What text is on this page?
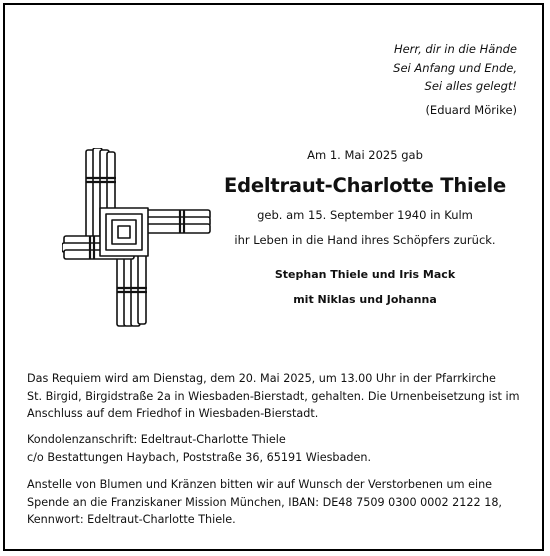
Herr, dir in die Hände
Sei Anfang und Ende,
Sei alles gelegt!
(Eduard Mörike)
Am 1. Mai 2025 gab
Edeltraut-Charlotte Thiele
geb. am 15. September 1940 in Kulm
ihr Leben in die Hand ihres Schöpfers zurück.
Stephan Thiele und Iris Mack
mit Niklas und Johanna
Das Requiem wird am Dienstag, dem 20. Mai 2025, um 13.00 Uhr in der Pfarrkirche
St. Birgid, Birgidstraße 2a in Wiesbaden-Bierstadt, gehalten. Die Urnenbeisetzung ist im
Anschluss auf dem Friedhof in Wiesbaden-Bierstadt.
Kondolenzanschrift: Edeltraut-Charlotte Thiele
c/o Bestattungen Haybach, Poststraße 36, 65191 Wiesbaden.
Anstelle von Blumen und Kränzen bitten wir auf Wunsch der Verstorbenen um eine
Spende an die Franziskaner Mission München, IBAN: DE48 7509 0300 0002 2122 18,
Kennwort: Edeltraut-Charlotte Thiele.
